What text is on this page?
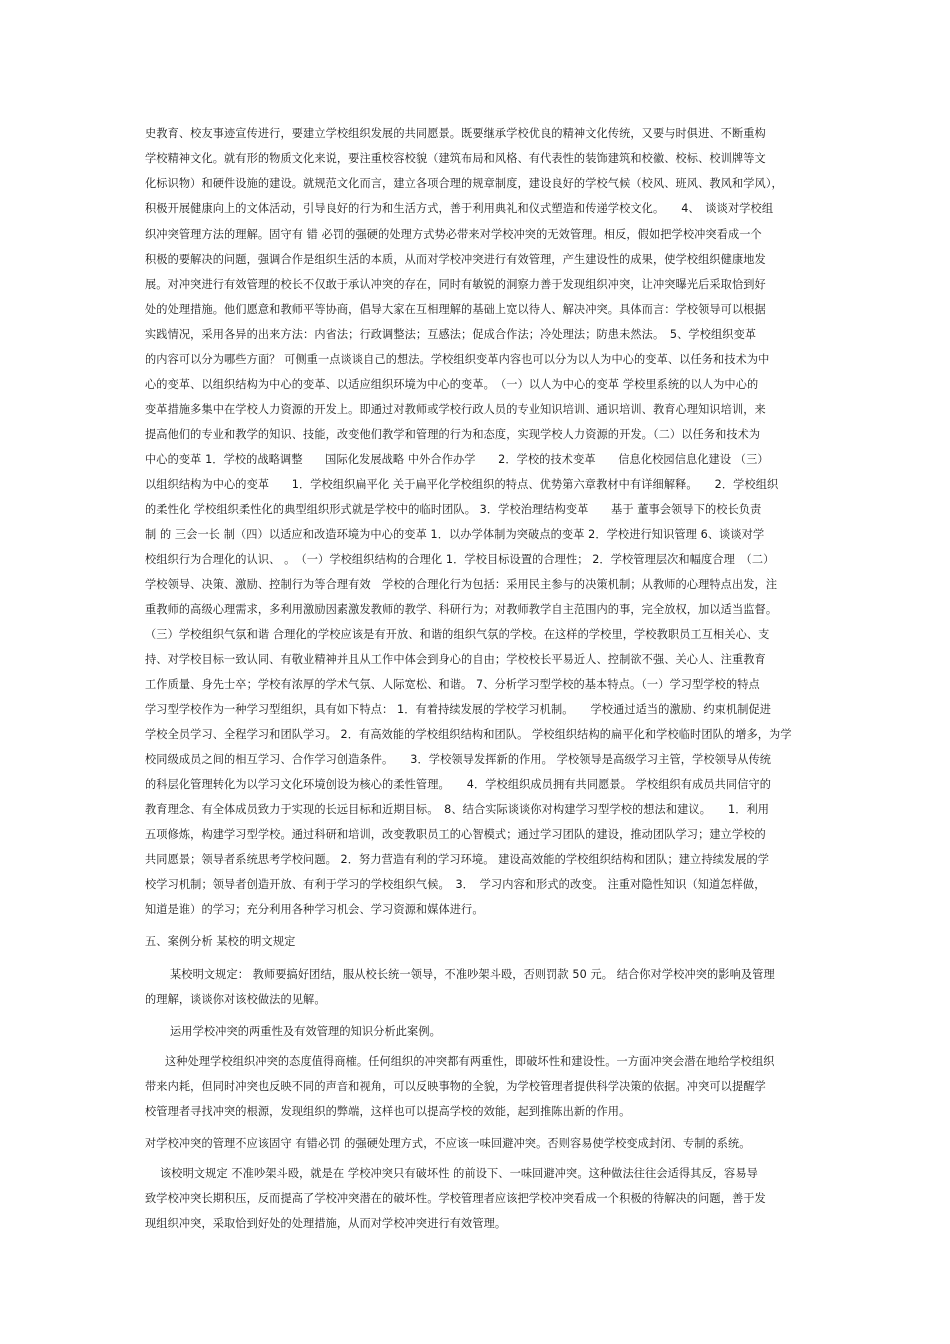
史教育、校友事迹宣传进行，要建立学校组织发展的共同愿景。既要继承学校优良的精神文化传统，又要与时俱进、不断重构
学校精神文化。就有形的物质文化来说，要注重校容校貌（建筑布局和风格、有代表性的装饰建筑和校徽、校标、校训牌等文
化标识物）和硬件设施的建设。就规范文化而言，建立各项合理的规章制度，建设良好的学校气候（校风、班风、教风和学风），
积极开展健康向上的文体活动，引导良好的行为和生活方式，善于利用典礼和仪式塑造和传递学校文化。　　4、　谈谈对学校组
织冲突管理方法的理解。固守有 错 必罚的强硬的处理方式势必带来对学校冲突的无效管理。相反，假如把学校冲突看成一个
积极的要解决的问题，强调合作是组织生活的本质，从而对学校冲突进行有效管理，产生建设性的成果，使学校组织健康地发
展。对冲突进行有效管理的校长不仅敢于承认冲突的存在，同时有敏锐的洞察力善于发现组织冲突，让冲突曝光后采取恰到好
处的处理措施。他们愿意和教师平等协商，倡导大家在互相理解的基础上宽以待人、解决冲突。具体而言：学校领导可以根据
实践情况，采用各异的出来方法：内省法；行政调整法；互感法；促成合作法；冷处理法；防患未然法。　5、学校组织变革
的内容可以分为哪些方面？ 可侧重一点谈谈自己的想法。学校组织变革内容也可以分为以人为中心的变革、以任务和技术为中
心的变革、以组织结构为中心的变革、以适应组织环境为中心的变革。　（一）以人为中心的变革 学校里系统的以人为中心的
变革措施多集中在学校人力资源的开发上。即通过对教师或学校行政人员的专业知识培训、通识培训、教育心理知识培训，来
提高他们的专业和教学的知识、技能，改变他们教学和管理的行为和态度，实现学校人力资源的开发。（二）以任务和技术为
中心的变革 1．学校的战略调整　　国际化发展战略 中外合作办学　　2．学校的技术变革　　信息化校园信息化建设 （三）
以组织结构为中心的变革　　1．学校组织扁平化 关于扁平化学校组织的特点、优势第六章教材中有详细解释。　　2．学校组织
的柔性化 学校组织柔性化的典型组织形式就是学校中的临时团队。 3．学校治理结构变革　　基于 董事会领导下的校长负责
制 的 三会一长 制（四）以适应和改造环境为中心的变革 1．以办学体制为突破点的变革 2．学校进行知识管理 6、谈谈对学
校组织行为合理化的认识、 。　（一）学校组织结构的合理化 1．学校目标设置的合理性； 2．学校管理层次和幅度合理　（二）
学校领导、决策、激励、控制行为等合理有效　学校的合理化行为包括：采用民主参与的决策机制；从教师的心理特点出发，注
重教师的高级心理需求，多利用激励因素激发教师的教学、科研行为；对教师教学自主范围内的事，完全放权，加以适当监督。
（三）学校组织气氛和谐 合理化的学校应该是有开放、和谐的组织气氛的学校。在这样的学校里，学校教职员工互相关心、支
持、对学校目标一致认同、有敬业精神并且从工作中体会到身心的自由；学校校长平易近人、控制欲不强、关心人、注重教育
工作质量、身先士卒；学校有浓厚的学术气氛、人际宽松、和谐。 7、分析学习型学校的基本特点。（一）学习型学校的特点
学习型学校作为一种学习型组织，具有如下特点： 1．有着持续发展的学校学习机制。　　学校通过适当的激励、约束机制促进
学校全员学习、全程学习和团队学习。 2．有高效能的学校组织结构和团队。 学校组织结构的扁平化和学校临时团队的增多，为学
校同级成员之间的相互学习、合作学习创造条件。　　3．学校领导发挥新的作用。 学校领导是高级学习主管，学校领导从传统
的科层化管理转化为以学习文化环境创设为核心的柔性管理。　　4．学校组织成员拥有共同愿景。 学校组织有成员共同信守的
教育理念、有全体成员致力于实现的长远目标和近期目标。　8、结合实际谈谈你对构建学习型学校的想法和建议。　　1．利用
五项修炼，构建学习型学校。通过科研和培训，改变教职员工的心智模式；通过学习团队的建设，推动团队学习；建立学校的
共同愿景；领导者系统思考学校问题。 2．努力营造有利的学习环境。 建设高效能的学校组织结构和团队；建立持续发展的学
校学习机制；领导者创造开放、有利于学习的学校组织气候。　3．　学习内容和形式的改变。 注重对隐性知识（知道怎样做，
知道是谁）的学习；充分利用各种学习机会、学习资源和媒体进行。
五、案例分析 某校的明文规定
某校明文规定： 教师要搞好团结，服从校长统一领导，不准吵架斗殴，否则罚款 50 元。 结合你对学校冲突的影响及管理
的理解，谈谈你对该校做法的见解。
运用学校冲突的两重性及有效管理的知识分析此案例。
这种处理学校组织冲突的态度值得商榷。任何组织的冲突都有两重性，即破坏性和建设性。一方面冲突会潜在地给学校组织
带来内耗，但同时冲突也反映不同的声音和视角，可以反映事物的全貌，为学校管理者提供科学决策的依据。冲突可以提醒学
校管理者寻找冲突的根源，发现组织的弊端，这样也可以提高学校的效能，起到推陈出新的作用。
对学校冲突的管理不应该固守 有错必罚 的强硬处理方式，不应该一味回避冲突。否则容易使学校变成封闭、专制的系统。
该校明文规定 不准吵架斗殴，就是在 学校冲突只有破坏性 的前设下、一味回避冲突。这种做法往往会适得其反，容易导
致学校冲突长期积压，反而提高了学校冲突潜在的破坏性。学校管理者应该把学校冲突看成一个积极的待解决的问题，善于发
现组织冲突，采取恰到好处的处理措施，从而对学校冲突进行有效管理。
